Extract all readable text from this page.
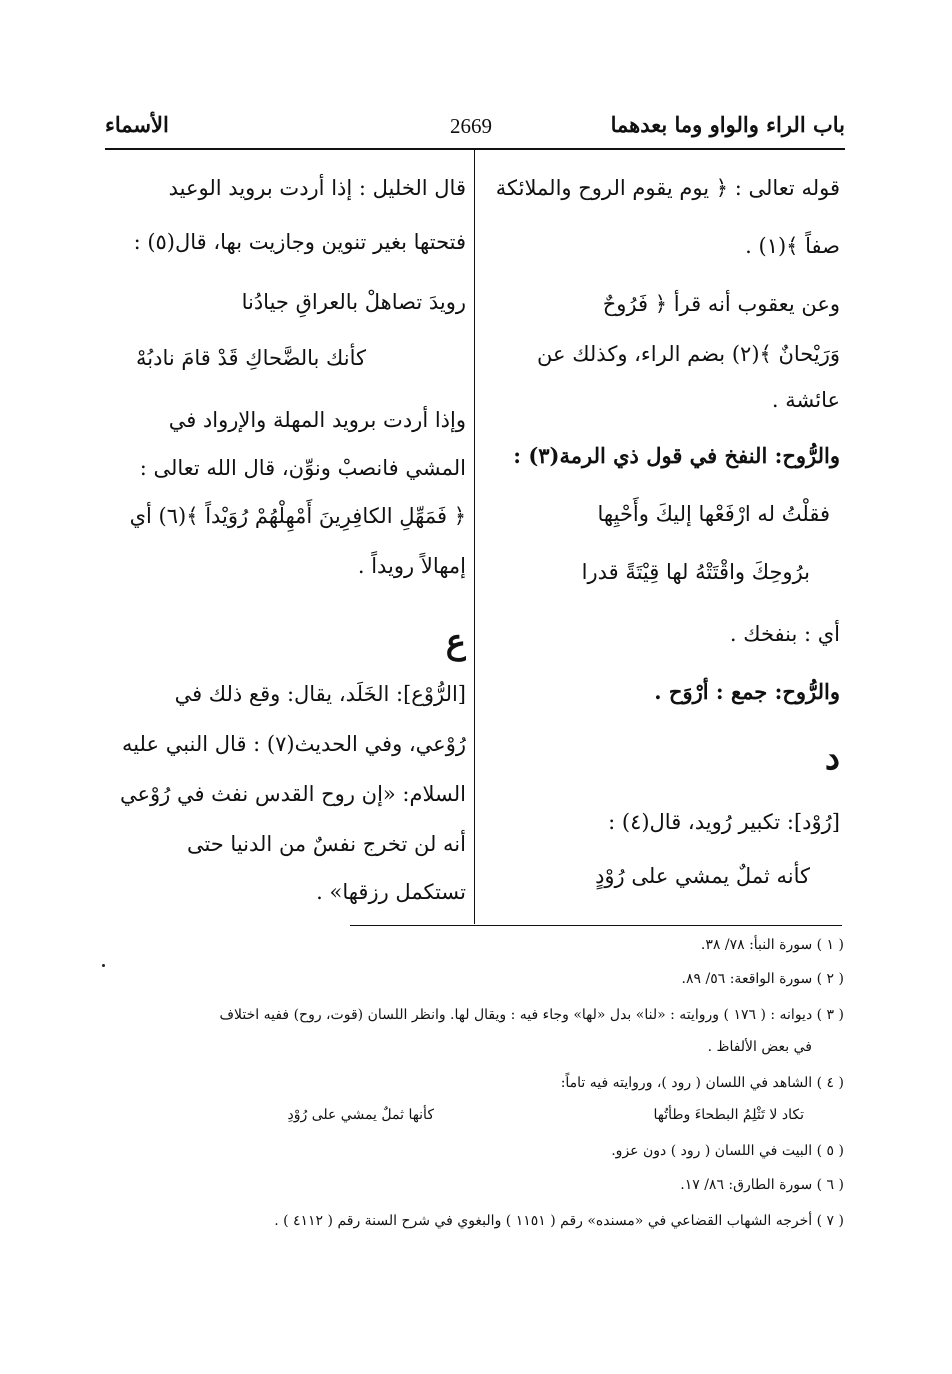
باب الراء والواو وما بعدهما
2669
الأسماء
قوله تعالى : ﴿ يوم يقوم الروح والملائكة
صفاً ﴾(١) .
وعن يعقوب أنه قرأ ﴿ فَرُوحٌ
وَرَيْحانٌ ﴾(٢) بضم الراء، وكذلك عن
عائشة .
والرُّوح: النفخ في قول ذي الرمة(٣) :
فقلْتُ له ارْفَعْها إليكَ وأَحْيِها
برُوحِكَ واقْتَتْهُ لها قِيْتَةً قدرا
أي : بنفخك .
والرُّوح: جمع : أرْوَح .
د
[رُوْد]: تكبير رُويد، قال(٤) :
كأنه ثملٌ يمشي على رُوْدٍ
قال الخليل : إذا أردت برويد الوعيد
فتحتها بغير تنوين وجازيت بها، قال(٥) :
رويدَ تصاهلْ بالعراقِ جيادُنا
كأنك بالضَّحاكِ قَدْ قامَ نادبُهْ
وإذا أردت برويد المهلة والإرواد في
المشي فانصبْ ونوِّن، قال الله تعالى :
﴿ فَمَهِّلِ الكافِرِينَ أَمْهِلْهُمْ رُوَيْداً ﴾(٦) أي
إمهالاً رويداً .
ع
[الرُّوْع]: الخَلَد، يقال: وقع ذلك في
رُوْعي، وفي الحديث(٧) : قال النبي عليه
السلام: «إن روح القدس نفث في رُوْعي
أنه لن تخرج نفسٌ من الدنيا حتى
تستكمل رزقها» .
( ١ ) سورة النبأ: ٧٨/ ٣٨.
( ٢ ) سورة الواقعة: ٥٦/ ٨٩.
( ٣ ) ديوانه : ( ١٧٦ ) وروايته : «لنا» بدل «لها» وجاء فيه : ويقال لها. وانظر اللسان (قوت، روح) ففيه اختلاف
في بعض الألفاظ .
( ٤ ) الشاهد في اللسان ( رود )، وروايته فيه تاماً:
تكاد لا تَثْلِمُ البطحاءَ وطأتُها
كأنها ثملٌ يمشي على رُوْدِ
( ٥ ) البيت في اللسان ( رود ) دون عزو.
( ٦ ) سورة الطارق: ٨٦/ ١٧.
( ٧ ) أخرجه الشهاب القضاعي في «مسنده» رقم ( ١١٥١ ) والبغوي في شرح السنة رقم ( ٤١١٢ ) .
